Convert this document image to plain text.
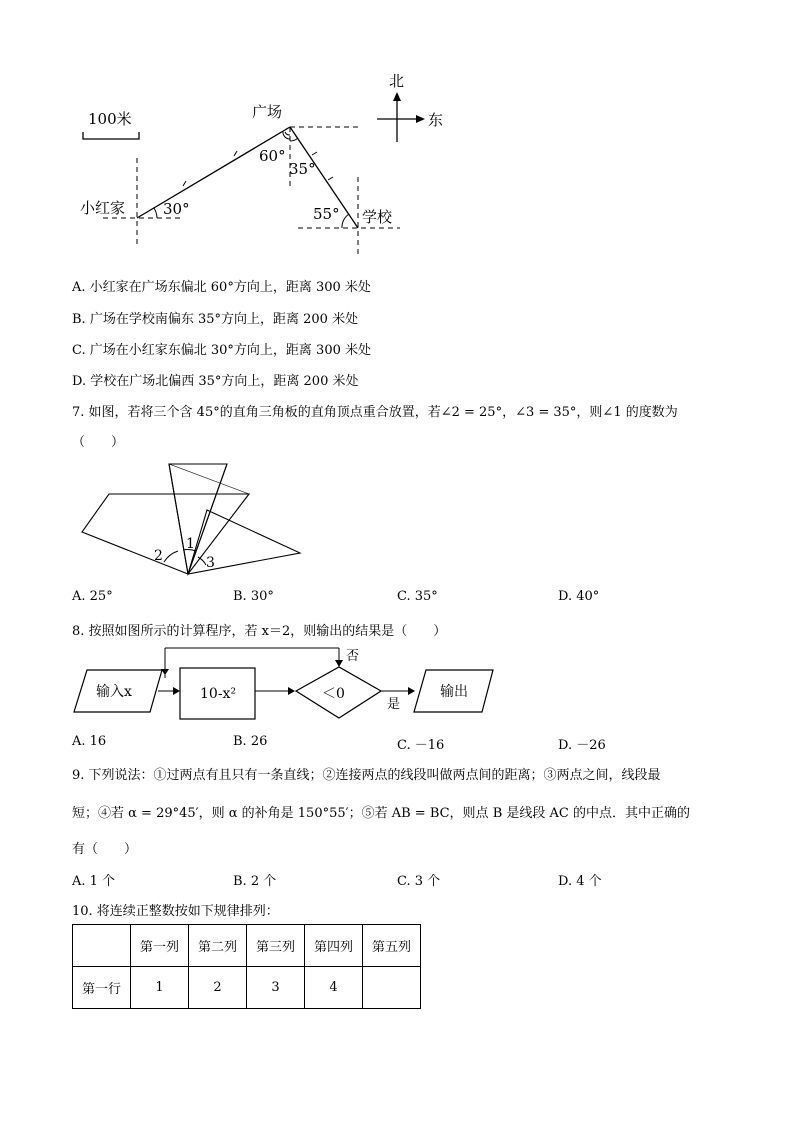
100米
北
东
广场
小红家	学校
60°
35°
30°	55°
A. 小红家在广场东偏北 60°方向上，距离 300 米处
B. 广场在学校南偏东 35°方向上，距离 200 米处
C. 广场在小红家东偏北 30°方向上，距离 300 米处
D. 学校在广场北偏西 35°方向上，距离 200 米处
7. 如图，若将三个含 45°的直角三角板的直角顶点重合放置，若∠2 = 25°，∠3 = 35°，则∠1 的度数为
（　　）
1
2	3
A. 25°	B. 30°	C. 35°	D. 40°
8. 按照如图所示的计算程序，若 x＝2，则输出的结果是（　　）
输入x	10-x²	＜0
否
是
输出
A. 16	B. 26	C. －16	D. －26
9. 下列说法：①过两点有且只有一条直线；②连接两点的线段叫做两点间的距离；③两点之间，线段最
短；④若 α = 29°45′，则 α 的补角是 150°55′；⑤若 AB = BC，则点 B 是线段 AC 的中点．其中正确的
有（　　）
A. 1 个	B. 2 个	C. 3 个	D. 4 个
10. 将连续正整数按如下规律排列：
	第一列	第二列	第三列	第四列	第五列
第一行	1	2	3	4	
